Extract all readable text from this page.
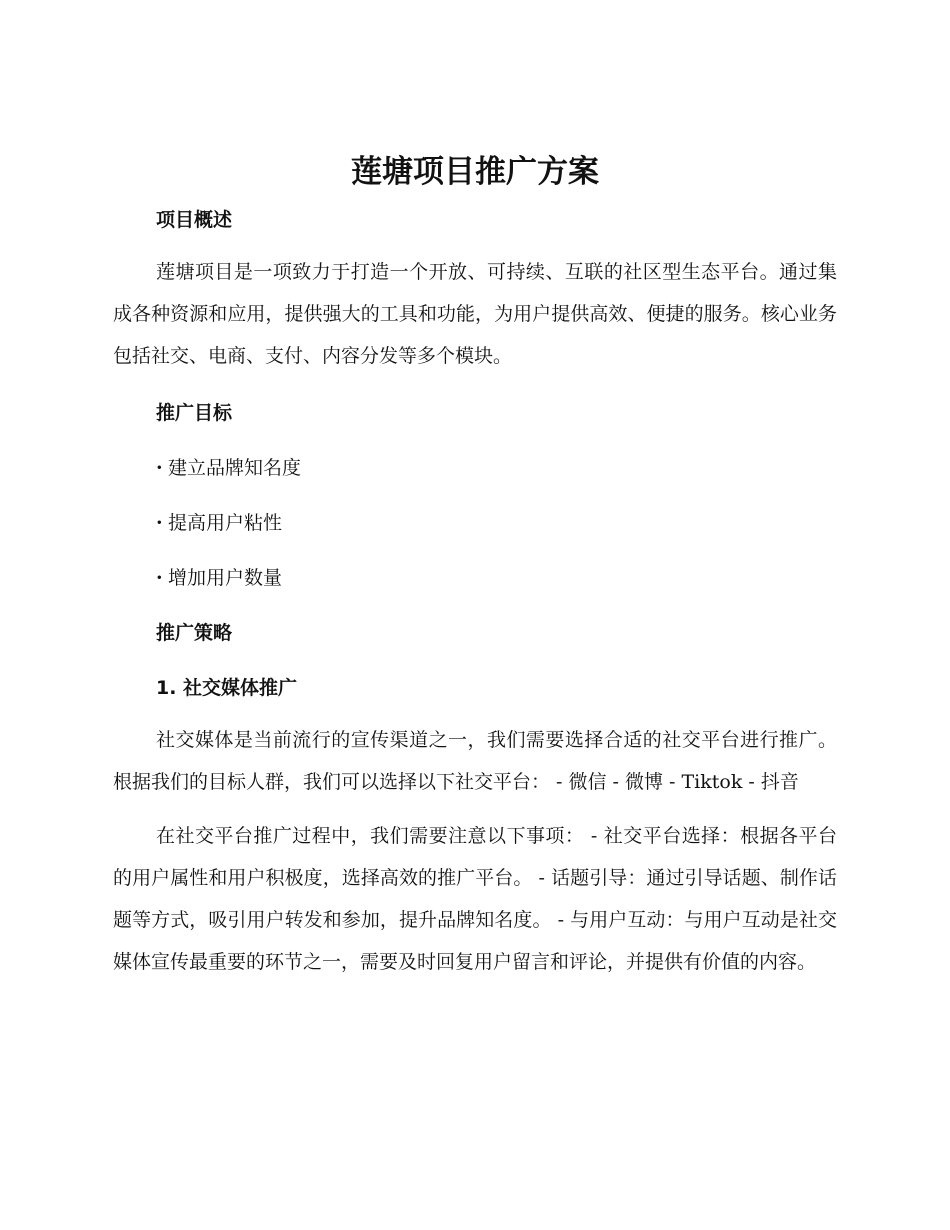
莲塘项目推广方案
项目概述

莲塘项目是一项致力于打造一个开放、可持续、互联的社区型生态平台。通过集成各种资源和应用，提供强大的工具和功能，为用户提供高效、便捷的服务。核心业务包括社交、电商、支付、内容分发等多个模块。

推广目标

· 建立品牌知名度

· 提高用户粘性

· 增加用户数量

推广策略
1. 社交媒体推广

社交媒体是当前流行的宣传渠道之一，我们需要选择合适的社交平台进行推广。根据我们的目标人群，我们可以选择以下社交平台： - 微信 - 微博 - Tiktok - 抖音

在社交平台推广过程中，我们需要注意以下事项： - 社交平台选择：根据各平台的用户属性和用户积极度，选择高效的推广平台。 - 话题引导：通过引导话题、制作话题等方式，吸引用户转发和参加，提升品牌知名度。 - 与用户互动：与用户互动是社交媒体宣传最重要的环节之一，需要及时回复用户留言和评论，并提供有价值的内容。
